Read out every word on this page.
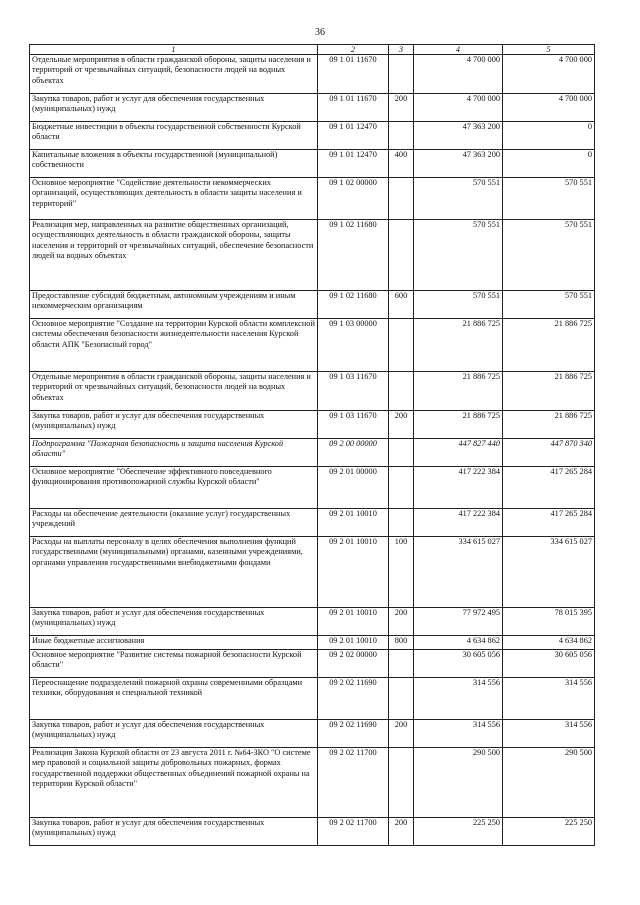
36
1	2	3	4	5
Отдельные мероприятия в области гражданской обороны, защиты населения и территорий от чрезвычайных ситуаций, безопасности людей на водных объектах	09 1 01 11670		4 700 000	4 700 000
Закупка товаров, работ и услуг для обеспечения государственных (муниципальных) нужд	09 1 01 11670	200	4 700 000	4 700 000
Бюджетные инвестиции в объекты государственной собственности Курской области	09 1 01 12470		47 363 200	0
Капитальные вложения в объекты государственной (муниципальной) собственности	09 1 01 12470	400	47 363 200	0
Основное мероприятие "Содействие деятельности некоммерческих организаций, осуществляющих деятельность в области защиты населения и территорий"	09 1 02 00000		570 551	570 551
Реализация мер, направленных на развитие общественных организаций, осуществляющих деятельность в области гражданской обороны, защиты населения и территорий от чрезвычайных ситуаций, обеспечение безопасности людей на водных объектах	09 1 02 11680		570 551	570 551
Предоставление субсидий бюджетным, автономным учреждениям и иным некоммерческим организациям	09 1 02 11680	600	570 551	570 551
Основное мероприятие "Создание на территории Курской области комплексной системы обеспечения безопасности жизнедеятельности населения Курской области АПК "Безопасный город"	09 1 03 00000		21 886 725	21 886 725
Отдельные мероприятия в области гражданской обороны, защиты населения и территорий от чрезвычайных ситуаций, безопасности людей на водных объектах	09 1 03 11670		21 886 725	21 886 725
Закупка товаров, работ и услуг для обеспечения государственных (муниципальных) нужд	09 1 03 11670	200	21 886 725	21 886 725
Подпрограмма "Пожарная безопасность и защита населения Курской области"	09 2 00 00000		447 827 440	447 870 340
Основное мероприятие "Обеспечение эффективного повседневного функционирования противопожарной службы Курской области"	09 2 01 00000		417 222 384	417 265 284
Расходы на обеспечение деятельности (оказание услуг) государственных учреждений	09 2 01 10010		417 222 384	417 265 284
Расходы на выплаты персоналу в целях обеспечения выполнения функций государственными (муниципальными) органами, казенными учреждениями, органами управления государственными внебюджетными фондами	09 2 01 10010	100	334 615 027	334 615 027
Закупка товаров, работ и услуг для обеспечения государственных (муниципальных) нужд	09 2 01 10010	200	77 972 495	78 015 395
Иные бюджетные ассигнования	09 2 01 10010	800	4 634 862	4 634 862
Основное мероприятие "Развитие системы пожарной безопасности Курской области"	09 2 02 00000		30 605 056	30 605 056
Переоснащение подразделений пожарной охраны современными образцами техники, оборудования и специальной техникой	09 2 02 11690		314 556	314 556
Закупка товаров, работ и услуг для обеспечения государственных (муниципальных) нужд	09 2 02 11690	200	314 556	314 556
Реализация Закона Курской области от 23 августа 2011 г. №64-ЗКО "О системе мер правовой и социальной защиты добровольных пожарных, формах государственной поддержки общественных объединений пожарной охраны на территории Курской области"	09 2 02 11700		290 500	290 500
Закупка товаров, работ и услуг для обеспечения государственных (муниципальных) нужд	09 2 02 11700	200	225 250	225 250
